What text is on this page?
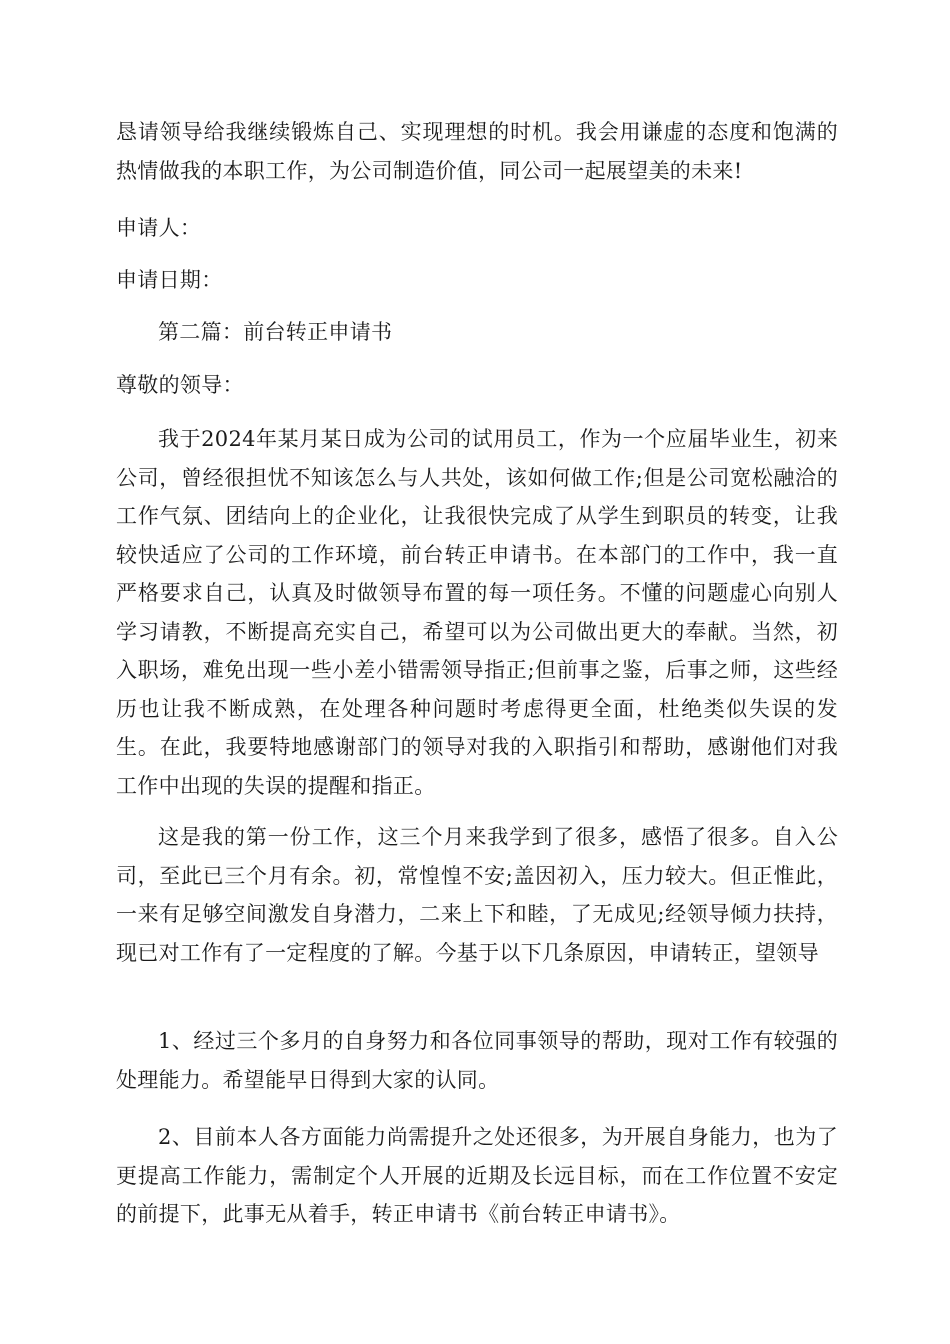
恳请领导给我继续锻炼自己、实现理想的时机。我会用谦虚的态度和饱满的热情做我的本职工作，为公司制造价值，同公司一起展望美的未来!

申请人：

申请日期：

第二篇：前台转正申请书

尊敬的领导：

我于2024年某月某日成为公司的试用员工，作为一个应届毕业生，初来公司，曾经很担忧不知该怎么与人共处，该如何做工作;但是公司宽松融洽的工作气氛、团结向上的企业化，让我很快完成了从学生到职员的转变，让我较快适应了公司的工作环境，前台转正申请书。在本部门的工作中，我一直严格要求自己，认真及时做领导布置的每一项任务。不懂的问题虚心向别人学习请教，不断提高充实自己，希望可以为公司做出更大的奉献。当然，初入职场，难免出现一些小差小错需领导指正;但前事之鉴，后事之师，这些经历也让我不断成熟，在处理各种问题时考虑得更全面，杜绝类似失误的发生。在此，我要特地感谢部门的领导对我的入职指引和帮助，感谢他们对我工作中出现的失误的提醒和指正。

这是我的第一份工作，这三个月来我学到了很多，感悟了很多。自入公司，至此已三个月有余。初，常惶惶不安;盖因初入，压力较大。但正惟此，一来有足够空间激发自身潜力，二来上下和睦，了无成见;经领导倾力扶持，现已对工作有了一定程度的了解。今基于以下几条原因，申请转正，望领导

1、经过三个多月的自身努力和各位同事领导的帮助，现对工作有较强的处理能力。希望能早日得到大家的认同。

2、目前本人各方面能力尚需提升之处还很多，为开展自身能力，也为了更提高工作能力，需制定个人开展的近期及长远目标，而在工作位置不安定的前提下，此事无从着手，转正申请书《前台转正申请书》。
